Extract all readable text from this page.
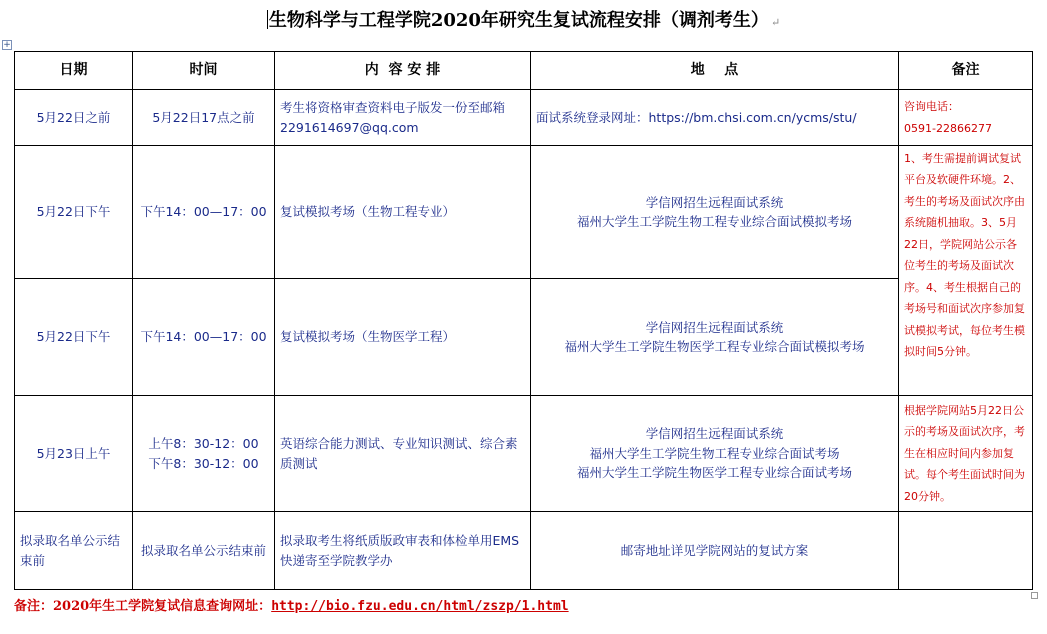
生物科学与工程学院2020年研究生复试流程安排（调剂考生） ↵
+
日期	时间	内  容 安 排	地    点	备注
5月22日之前	5月22日17点之前	考生将资格审查资料电子版发一份至邮箱 2291614697@qq.com	面试系统登录网址：https://bm.chsi.com.cn/ycms/stu/	咨询电话：
0591-22866277

5月22日下午	下午14：00—17：00	复试模拟考场（生物工程专业）	学信网招生远程面试系统
福州大学生工学院生物工程专业综合面试模拟考场	1、考生需提前调试复试平台及软硬件环境。2、考生的考场及面试次序由系统随机抽取。3、5月22日，学院网站公示各位考生的考场及面试次序。4、考生根据自己的考场号和面试次序参加复试模拟考试，每位考生模拟时间5分钟。
5月22日下午	下午14：00—17：00	复试模拟考场（生物医学工程）	学信网招生远程面试系统
福州大学生工学院生物医学工程专业综合面试模拟考场	

5月23日上午	上午8：30-12：00
下午8：30-12：00	英语综合能力测试、专业知识测试、综合素质测试	学信网招生远程面试系统
福州大学生工学院生物工程专业综合面试考场
福州大学生工学院生物医学工程专业综合面试考场	根据学院网站5月22日公示的考场及面试次序，考生在相应时间内参加复试。每个考生面试时间为20分钟。
拟录取名单公示结束前	拟录取名单公示结束前	拟录取考生将纸质版政审表和体检单用EMS快递寄至学院教学办	邮寄地址详见学院网站的复试方案	
备注：2020年生工学院复试信息查询网址：http://bio.fzu.edu.cn/html/zszp/1.html
